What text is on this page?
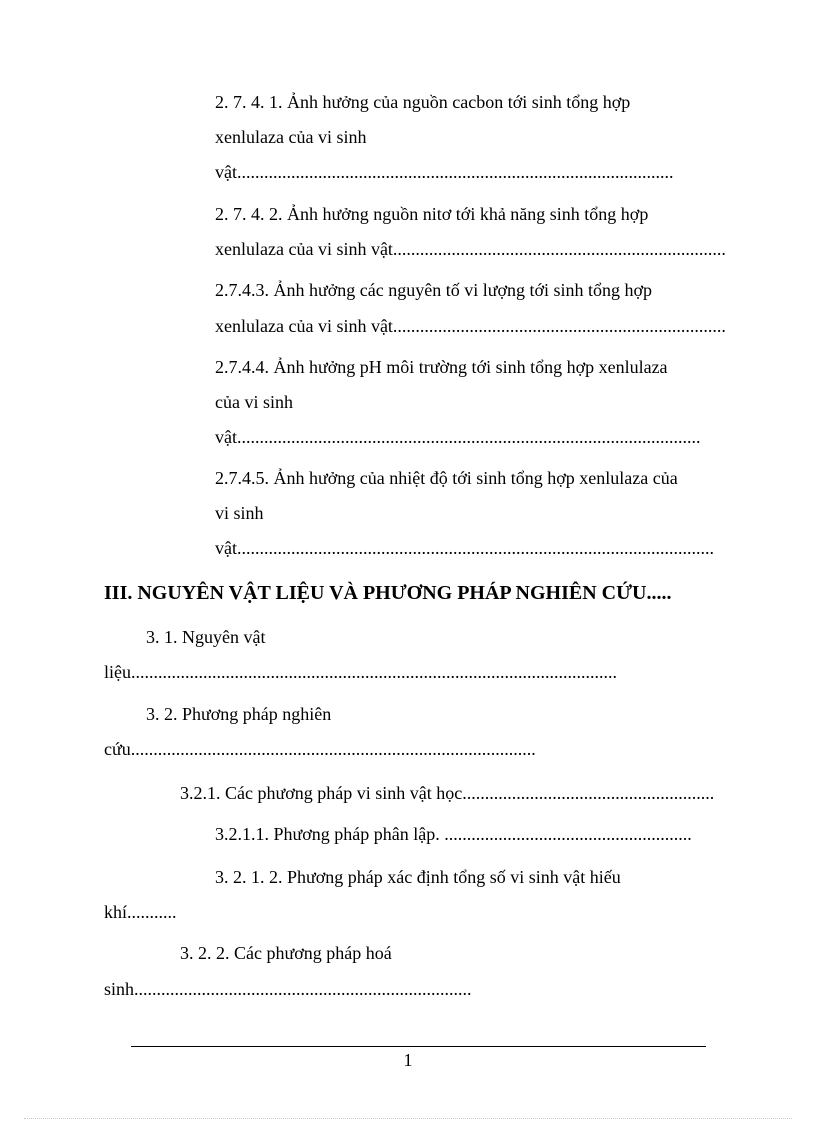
2. 7. 4. 1. Ảnh hưởng của nguồn cacbon tới sinh tổng hợp
xenlulaza của vi sinh
vật.................................................................................................
2. 7. 4. 2. Ảnh hưởng nguồn nitơ tới khả năng sinh tổng hợp
xenlulaza của vi sinh vật..........................................................................
2.7.4.3. Ảnh hưởng các nguyên tố vi lượng tới sinh tổng hợp
xenlulaza của vi sinh vật..........................................................................
2.7.4.4. Ảnh hưởng pH môi trường tới sinh tổng hợp xenlulaza
của vi sinh
vật.......................................................................................................
2.7.4.5. Ảnh hưởng của nhiệt độ tới sinh tổng hợp xenlulaza của
vi sinh
vật..........................................................................................................
III. NGUYÊN VẬT LIỆU VÀ PHƯƠNG PHÁP NGHIÊN CỨU.....
3. 1. Nguyên vật
liệu............................................................................................................
3. 2. Phương pháp nghiên
cứu..........................................................................................
3.2.1. Các phương pháp vi sinh vật học........................................................
3.2.1.1. Phương pháp phân lập. .......................................................
3. 2. 1. 2. Phương pháp xác định tổng số vi sinh vật hiếu
khí...........
3. 2. 2. Các phương pháp hoá
sinh...........................................................................
1
